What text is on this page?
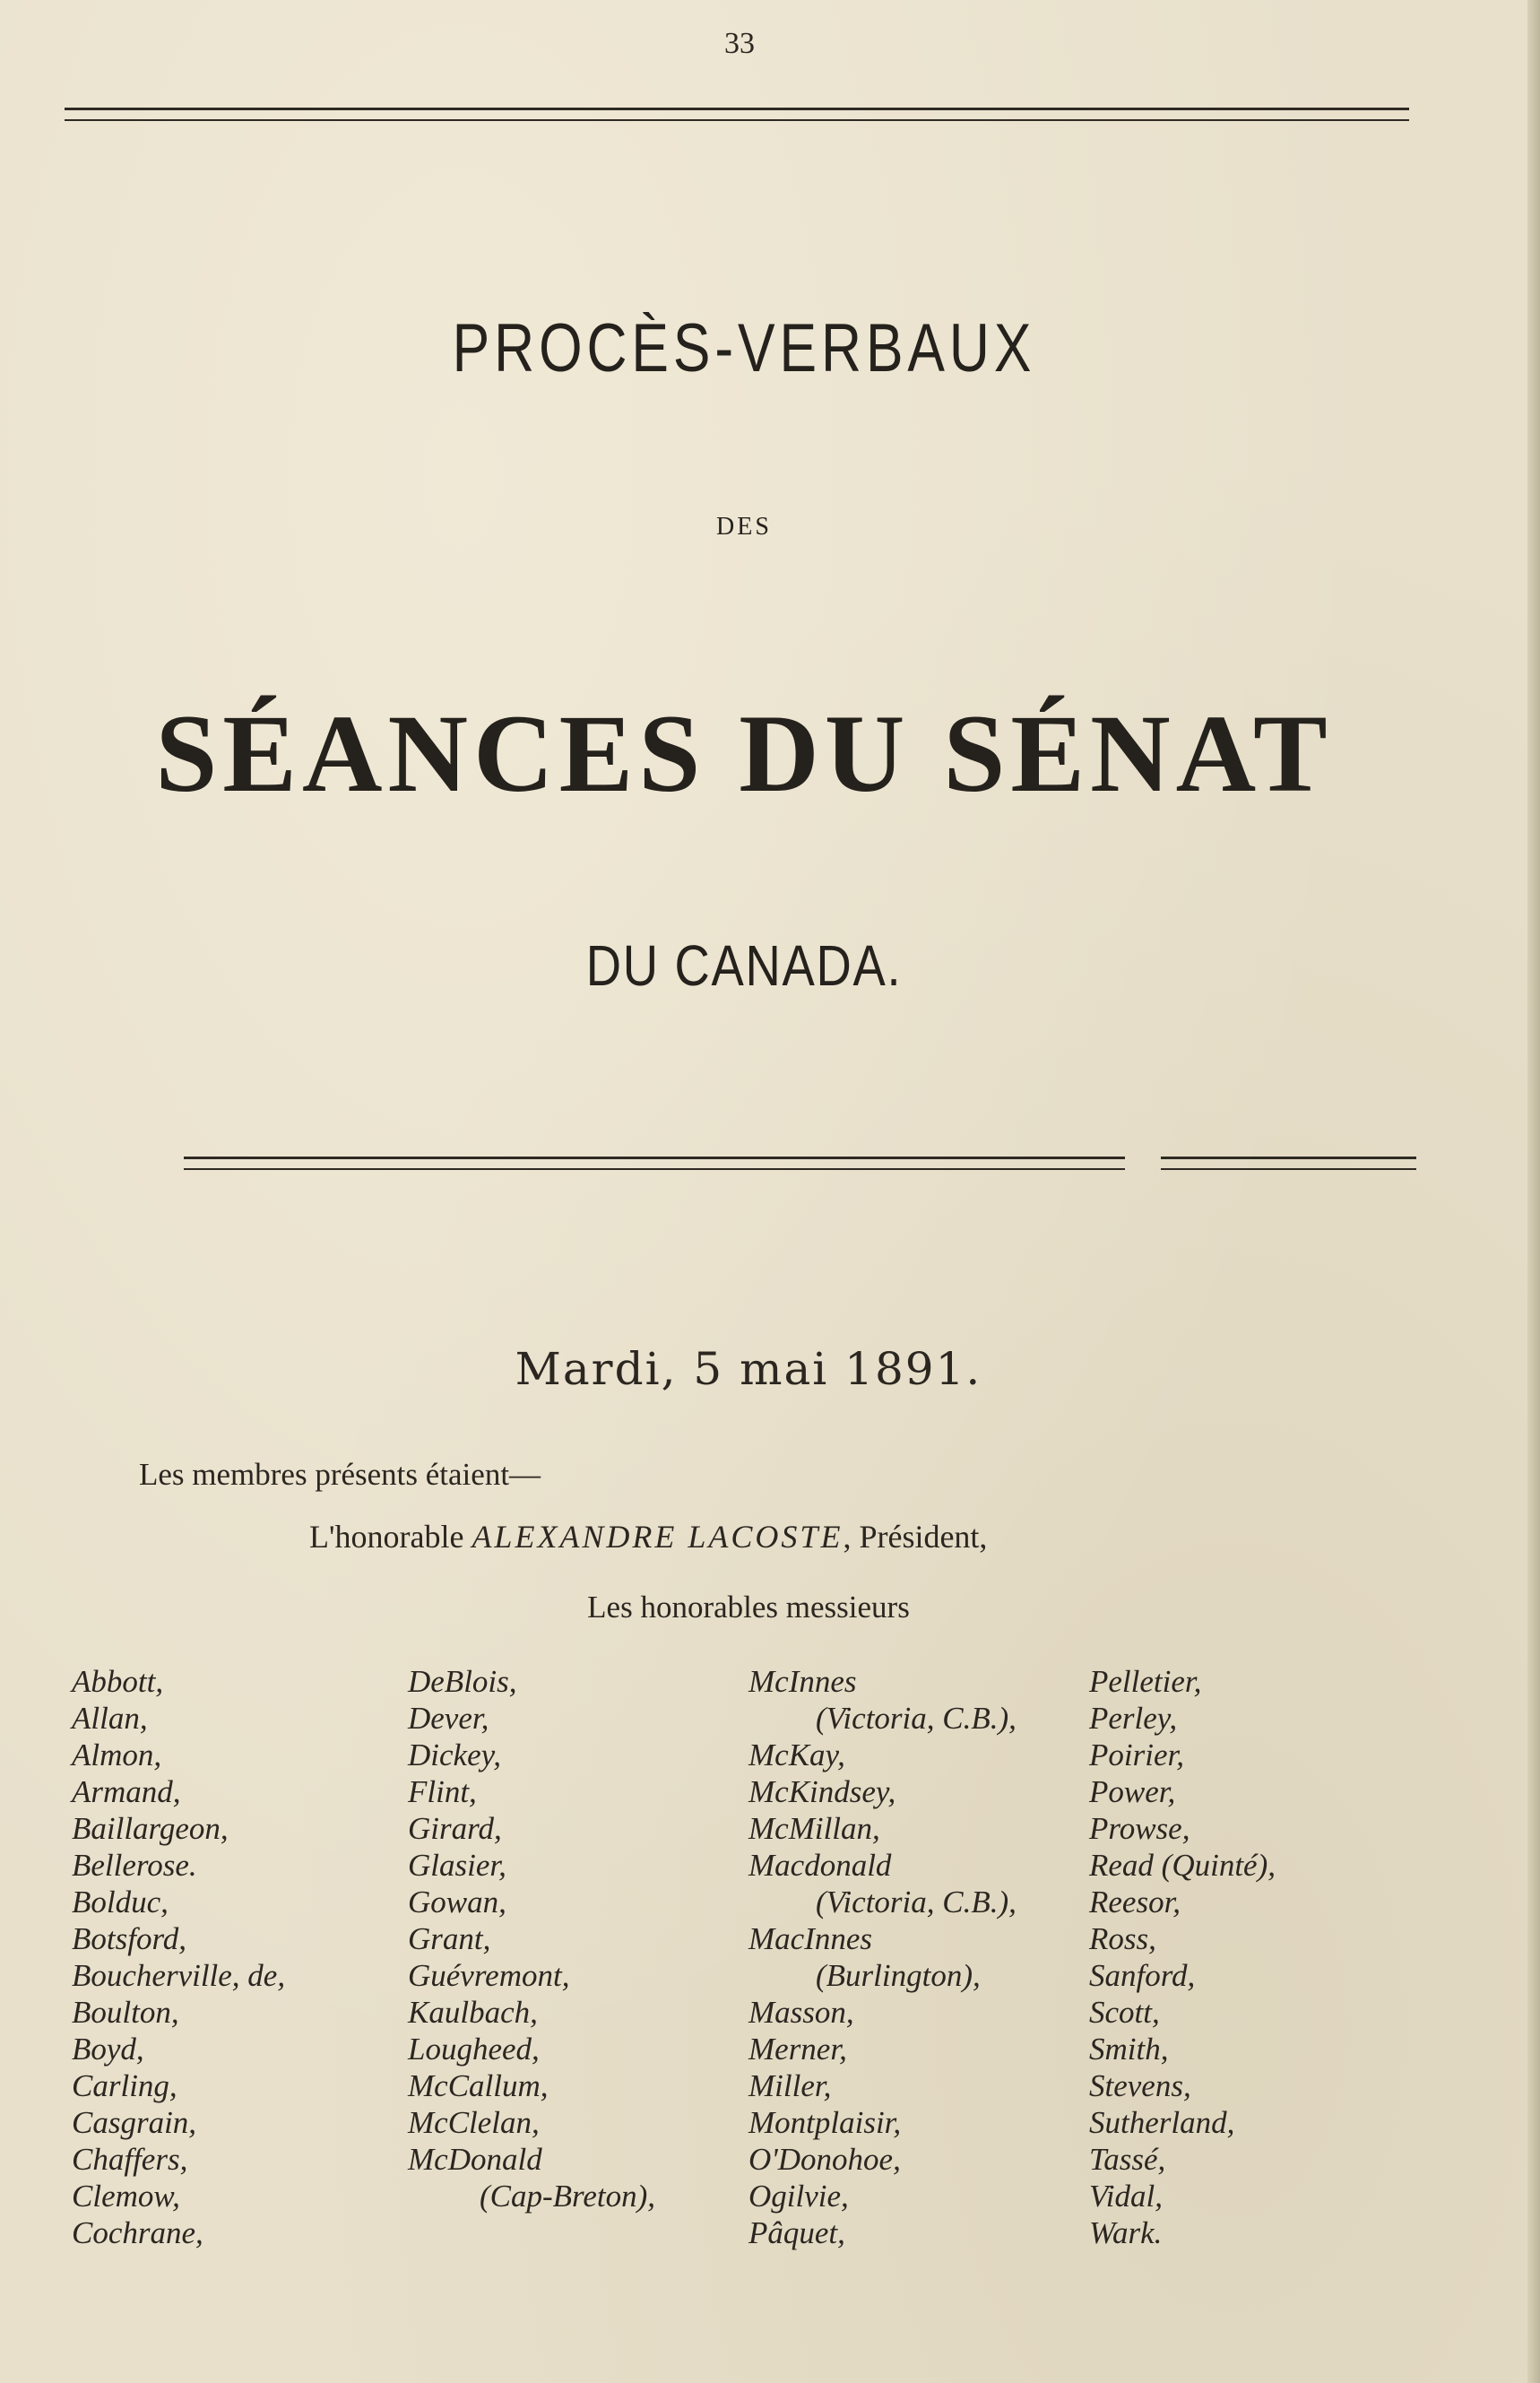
33
PROCÈS-VERBAUX
DES
SÉANCES DU SÉNAT
DU CANADA.
Mardi, 5 mai 1891.
Les membres présents étaient—
L'honorable ALEXANDRE LACOSTE, Président,
Les honorables messieurs
Abbott,
Allan,
Almon,
Armand,
Baillargeon,
Bellerose.
Bolduc,
Botsford,
Boucherville, de,
Boulton,
Boyd,
Carling,
Casgrain,
Chaffers,
Clemow,
Cochrane,
DeBlois,
Dever,
Dickey,
Flint,
Girard,
Glasier,
Gowan,
Grant,
Guévremont,
Kaulbach,
Lougheed,
McCallum,
McClelan,
McDonald
(Cap-Breton),
McInnes
(Victoria, C.B.),
McKay,
McKindsey,
McMillan,
Macdonald
(Victoria, C.B.),
MacInnes
(Burlington),
Masson,
Merner,
Miller,
Montplaisir,
O'Donohoe,
Ogilvie,
Pâquet,
Pelletier,
Perley,
Poirier,
Power,
Prowse,
Read (Quinté),
Reesor,
Ross,
Sanford,
Scott,
Smith,
Stevens,
Sutherland,
Tassé,
Vidal,
Wark.
